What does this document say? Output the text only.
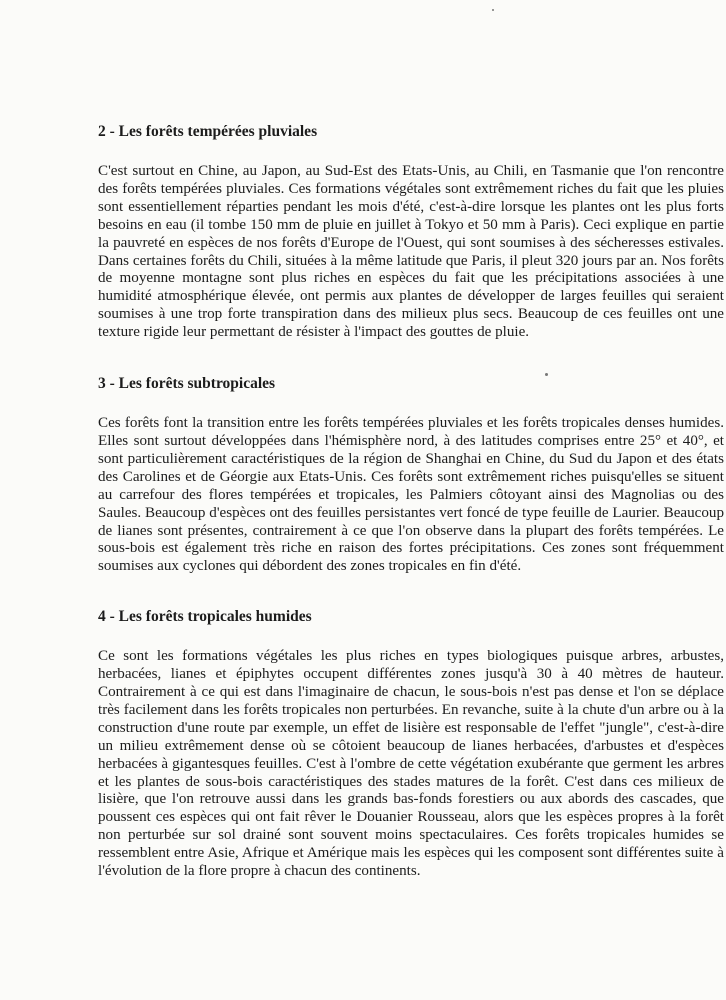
2 - Les forêts tempérées pluviales

C'est surtout en Chine, au Japon, au Sud-Est des Etats-Unis, au Chili, en Tasmanie que l'on rencontre des forêts tempérées pluviales. Ces formations végétales sont extrêmement riches du fait que les pluies sont essentiellement réparties pendant les mois d'été, c'est-à-dire lorsque les plantes ont les plus forts besoins en eau (il tombe 150 mm de pluie en juillet à Tokyo et 50 mm à Paris). Ceci explique en partie la pauvreté en espèces de nos forêts d'Europe de l'Ouest, qui sont soumises à des sécheresses estivales. Dans certaines forêts du Chili, situées à la même latitude que Paris, il pleut 320 jours par an. Nos forêts de moyenne montagne sont plus riches en espèces du fait que les précipitations associées à une humidité atmosphérique élevée, ont permis aux plantes de développer de larges feuilles qui seraient soumises à une trop forte transpiration dans des milieux plus secs. Beaucoup de ces feuilles ont une texture rigide leur permettant de résister à l'impact des gouttes de pluie.

3 - Les forêts subtropicales

Ces forêts font la transition entre les forêts tempérées pluviales et les forêts tropicales denses humides. Elles sont surtout développées dans l'hémisphère nord, à des latitudes comprises entre 25° et 40°, et sont particulièrement caractéristiques de la région de Shanghai en Chine, du Sud du Japon et des états des Carolines et de Géorgie aux Etats-Unis. Ces forêts sont extrêmement riches puisqu'elles se situent au carrefour des flores tempérées et tropicales, les Palmiers côtoyant ainsi des Magnolias ou des Saules. Beaucoup d'espèces ont des feuilles persistantes vert foncé de type feuille de Laurier. Beaucoup de lianes sont présentes, contrairement à ce que l'on observe dans la plupart des forêts tempérées. Le sous-bois est également très riche en raison des fortes précipitations. Ces zones sont fréquemment soumises aux cyclones qui débordent des zones tropicales en fin d'été.

4 - Les forêts tropicales humides

Ce sont les formations végétales les plus riches en types biologiques puisque arbres, arbustes, herbacées, lianes et épiphytes occupent différentes zones jusqu'à 30 à 40 mètres de hauteur. Contrairement à ce qui est dans l'imaginaire de chacun, le sous-bois n'est pas dense et l'on se déplace très facilement dans les forêts tropicales non perturbées. En revanche, suite à la chute d'un arbre ou à la construction d'une route par exemple, un effet de lisière est responsable de l'effet "jungle", c'est-à-dire un milieu extrêmement dense où se côtoient beaucoup de lianes herbacées, d'arbustes et d'espèces herbacées à gigantesques feuilles. C'est à l'ombre de cette végétation exubérante que germent les arbres et les plantes de sous-bois caractéristiques des stades matures de la forêt. C'est dans ces milieux de lisière, que l'on retrouve aussi dans les grands bas-fonds forestiers ou aux abords des cascades, que poussent ces espèces qui ont fait rêver le Douanier Rousseau, alors que les espèces propres à la forêt non perturbée sur sol drainé sont souvent moins spectaculaires. Ces forêts tropicales humides se ressemblent entre Asie, Afrique et Amérique mais les espèces qui les composent sont différentes suite à l'évolution de la flore propre à chacun des continents.
